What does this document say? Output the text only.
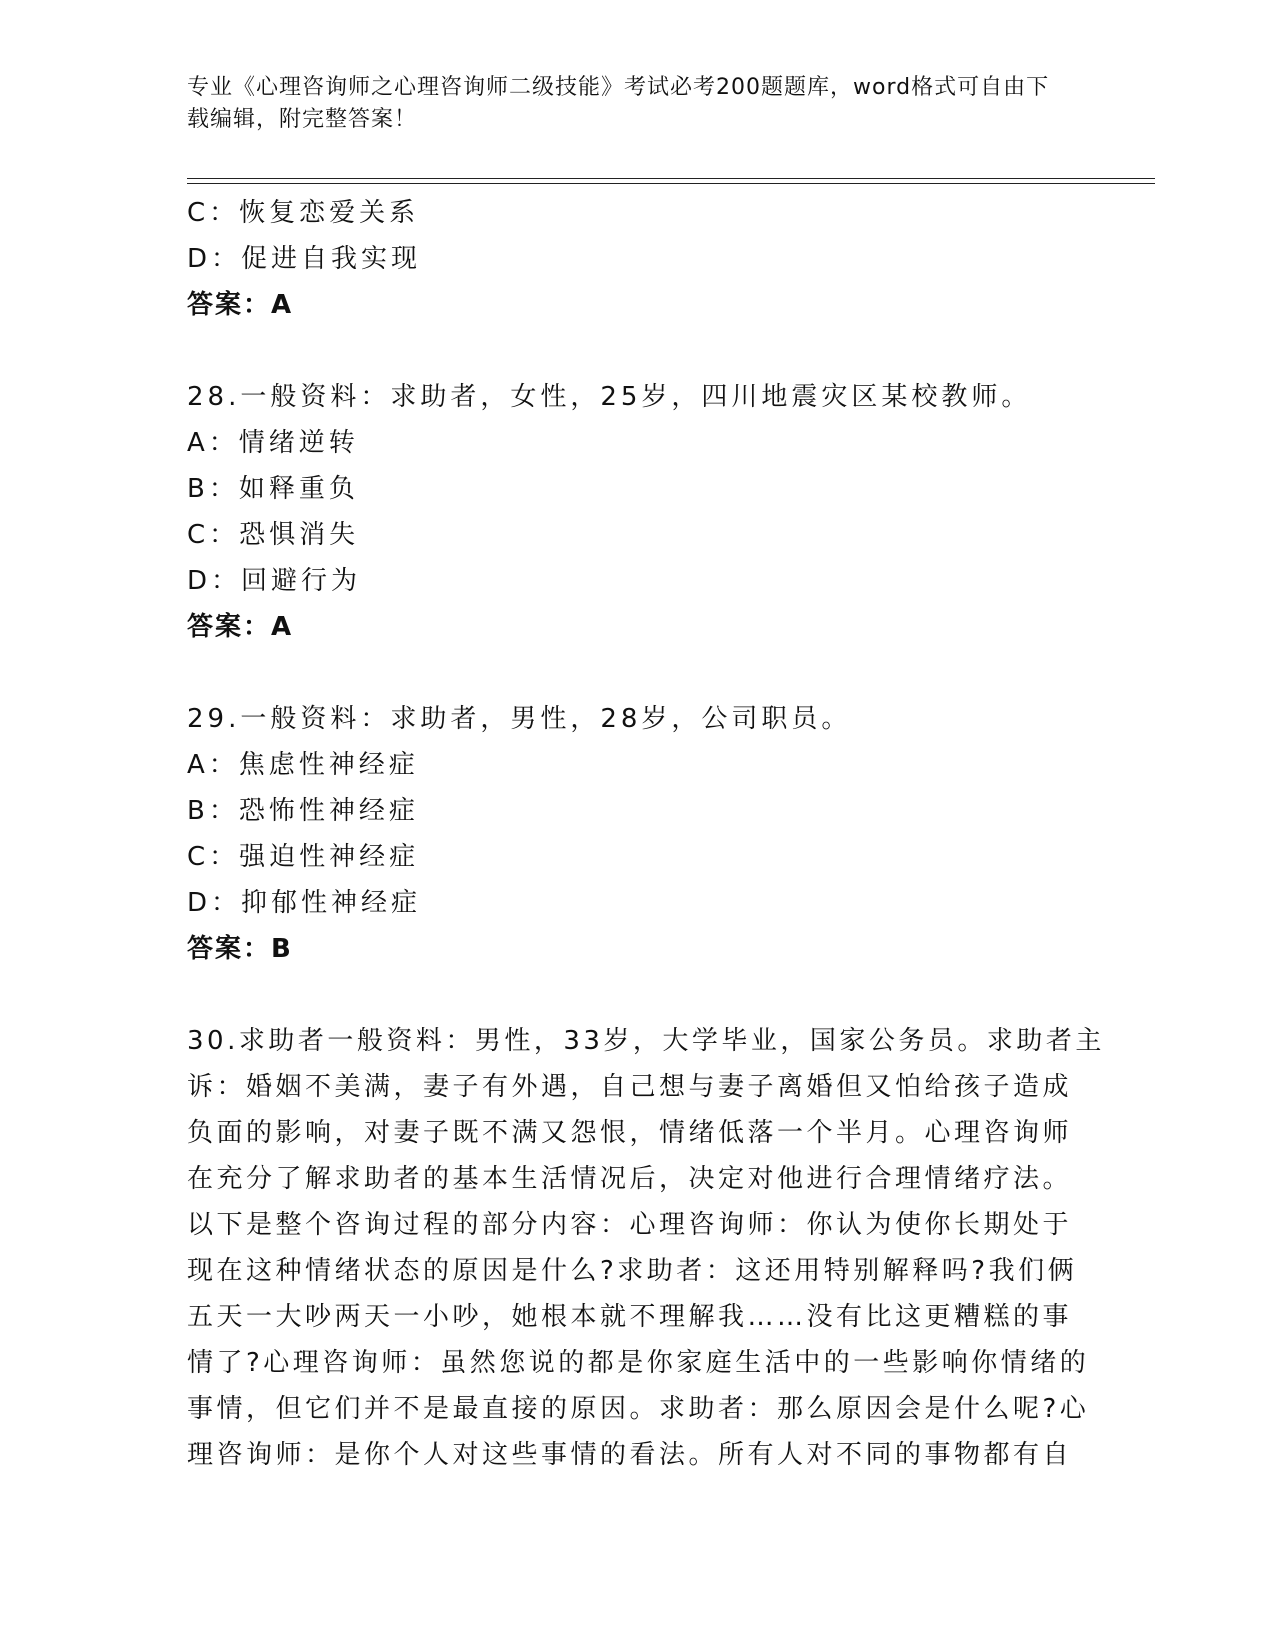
专业《心理咨询师之心理咨询师二级技能》考试必考200题题库，word格式可自由下载编辑，附完整答案！
C：恢复恋爱关系
D：促进自我实现
答案：A
28.一般资料：求助者，女性，25岁，四川地震灾区某校教师。
A：情绪逆转
B：如释重负
C：恐惧消失
D：回避行为
答案：A
29.一般资料：求助者，男性，28岁，公司职员。
A：焦虑性神经症
B：恐怖性神经症
C：强迫性神经症
D：抑郁性神经症
答案：B
30.求助者一般资料：男性，33岁，大学毕业，国家公务员。求助者主
诉：婚姻不美满，妻子有外遇，自己想与妻子离婚但又怕给孩子造成
负面的影响，对妻子既不满又怨恨，情绪低落一个半月。心理咨询师
在充分了解求助者的基本生活情况后，决定对他进行合理情绪疗法。
以下是整个咨询过程的部分内容：心理咨询师：你认为使你长期处于
现在这种情绪状态的原因是什么?求助者：这还用特别解释吗?我们俩
五天一大吵两天一小吵，她根本就不理解我……没有比这更糟糕的事
情了?心理咨询师：虽然您说的都是你家庭生活中的一些影响你情绪的
事情，但它们并不是最直接的原因。求助者：那么原因会是什么呢?心
理咨询师：是你个人对这些事情的看法。所有人对不同的事物都有自
